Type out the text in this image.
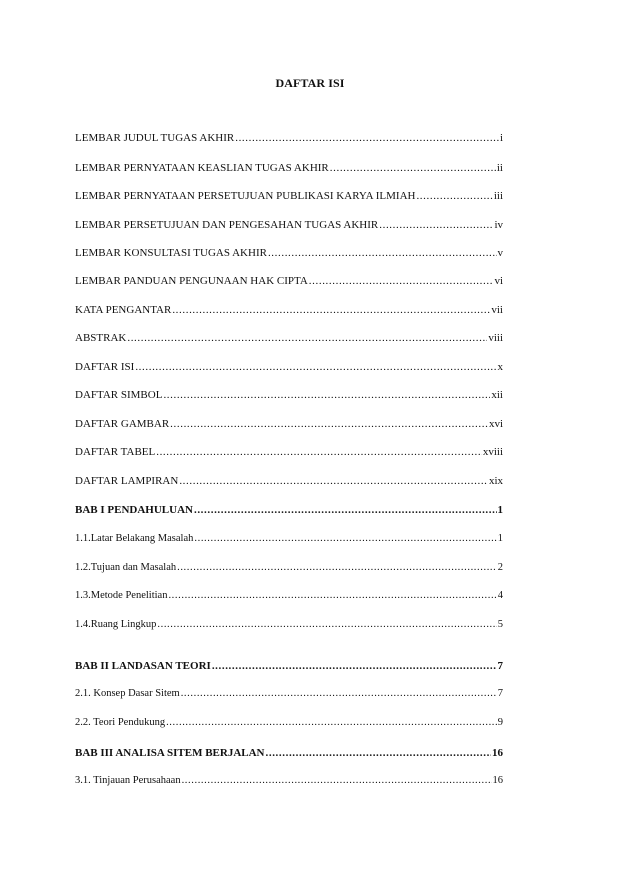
DAFTAR ISI
LEMBAR JUDUL TUGAS AKHIR .....	i
LEMBAR PERNYATAAN KEASLIAN TUGAS AKHIR .....	ii
LEMBAR PERNYATAAN PERSETUJUAN PUBLIKASI KARYA ILMIAH .....	iii
LEMBAR PERSETUJUAN DAN PENGESAHAN TUGAS AKHIR .....	iv
LEMBAR KONSULTASI TUGAS AKHIR .....	v
LEMBAR PANDUAN PENGUNAAN HAK CIPTA .....	vi
KATA PENGANTAR .....	vii
ABSTRAK .....	viii
DAFTAR ISI .....	x
DAFTAR SIMBOL .....	xii
DAFTAR GAMBAR .....	xvi
DAFTAR TABEL .....	xviii
DAFTAR LAMPIRAN .....	xix
BAB I PENDAHULUAN .....	1
1.1.Latar Belakang Masalah .....	1
1.2.Tujuan dan Masalah .....	2
1.3.Metode Penelitian .....	4
1.4.Ruang Lingkup .....	5
BAB II LANDASAN TEORI .....	7
2.1. Konsep Dasar Sitem .....	7
2.2. Teori Pendukung .....	9
BAB III ANALISA SITEM BERJALAN .....	16
3.1. Tinjauan Perusahaan .....	16
